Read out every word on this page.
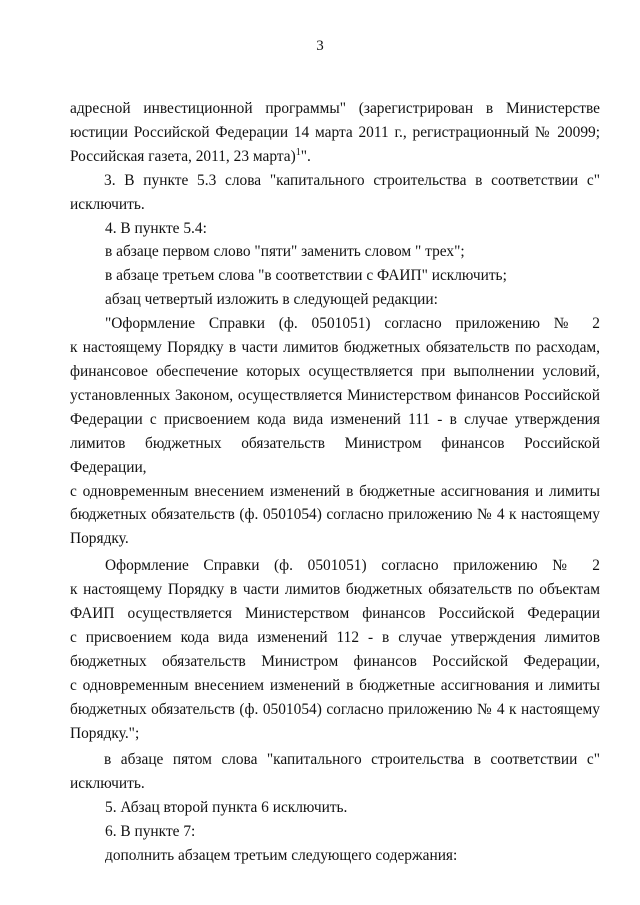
3
адресной инвестиционной программы" (зарегистрирован в Министерстве
юстиции Российской Федерации 14 марта 2011 г., регистрационный № 20099;
Российская газета, 2011, 23 марта)$^1$".
3. В пункте 5.3 слова "капитального строительства в соответствии с"
исключить.
4. В пункте 5.4:
в абзаце первом слово "пяти" заменить словом " трех";
в абзаце третьем слова "в соответствии с ФАИП" исключить;
абзац четвертый изложить в следующей редакции:
"Оформление Справки (ф. 0501051) согласно приложению № 2
к настоящему Порядку в части лимитов бюджетных обязательств по расходам,
финансовое обеспечение которых осуществляется при выполнении условий,
установленных Законом, осуществляется Министерством финансов Российской
Федерации с присвоением кода вида изменений 111 - в случае утверждения
лимитов бюджетных обязательств Министром финансов Российской Федерации,
с одновременным внесением изменений в бюджетные ассигнования и лимиты
бюджетных обязательств (ф. 0501054) согласно приложению № 4 к настоящему
Порядку.
Оформление Справки (ф. 0501051) согласно приложению № 2
к настоящему Порядку в части лимитов бюджетных обязательств по объектам
ФАИП осуществляется Министерством финансов Российской Федерации
с присвоением кода вида изменений 112 - в случае утверждения лимитов
бюджетных обязательств Министром финансов Российской Федерации,
с одновременным внесением изменений в бюджетные ассигнования и лимиты
бюджетных обязательств (ф. 0501054) согласно приложению № 4 к настоящему
Порядку.";
в абзаце пятом слова "капитального строительства в соответствии с"
исключить.
5. Абзац второй пункта 6 исключить.
6. В пункте 7:
дополнить абзацем третьим следующего содержания:
